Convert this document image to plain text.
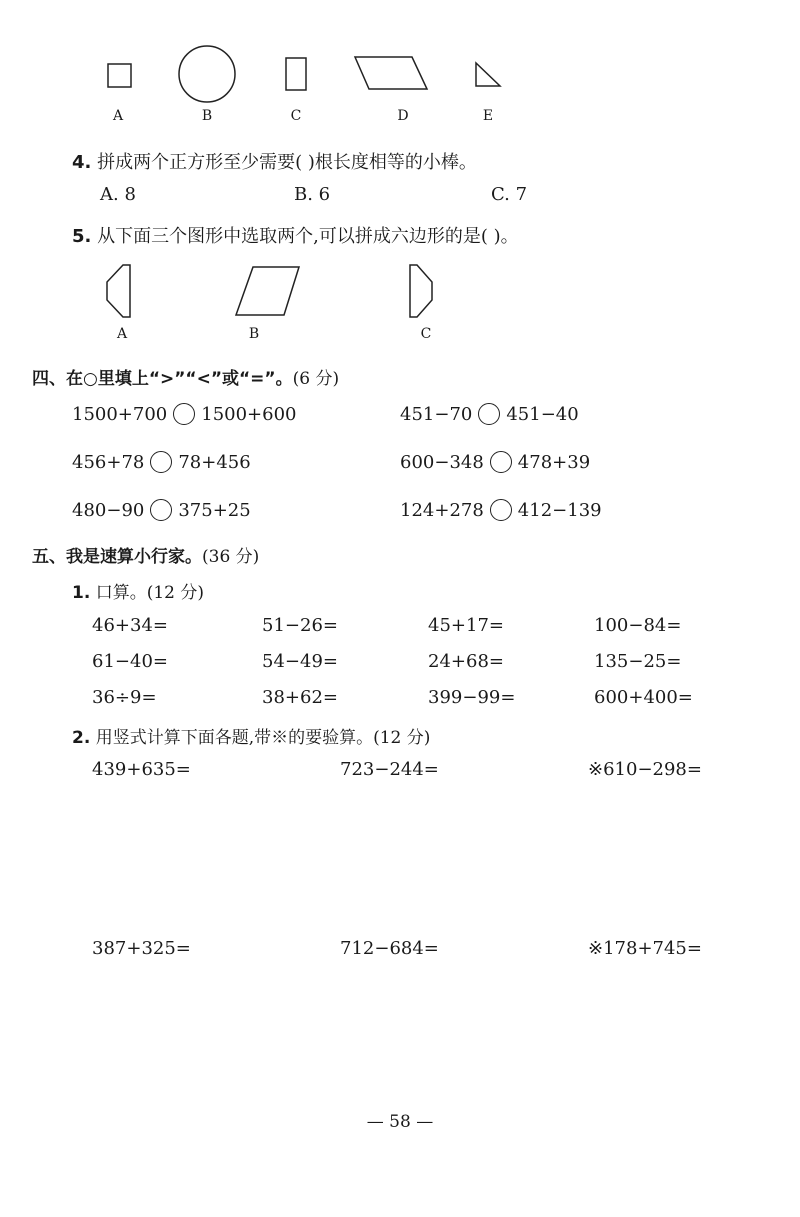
A	B	C	D	E
4. 拼成两个正方形至少需要( )根长度相等的小棒。
A. 8	B. 6	C. 7
5. 从下面三个图形中选取两个,可以拼成六边形的是( )。
A	B	C
四、在○里填上“>”“<”或“=”。(6 分)
1500+700 1500+600	451−70 451−40
456+78 78+456	600−348 478+39
480−90 375+25	124+278 412−139
五、我是速算小行家。(36 分)
1. 口算。(12 分)
46+34=	51−26=	45+17=	100−84=
61−40=	54−49=	24+68=	135−25=
36÷9=	38+62=	399−99=	600+400=
2. 用竖式计算下面各题,带※的要验算。(12 分)
439+635=	723−244=	※610−298=
387+325=	712−684=	※178+745=
— 58 —
